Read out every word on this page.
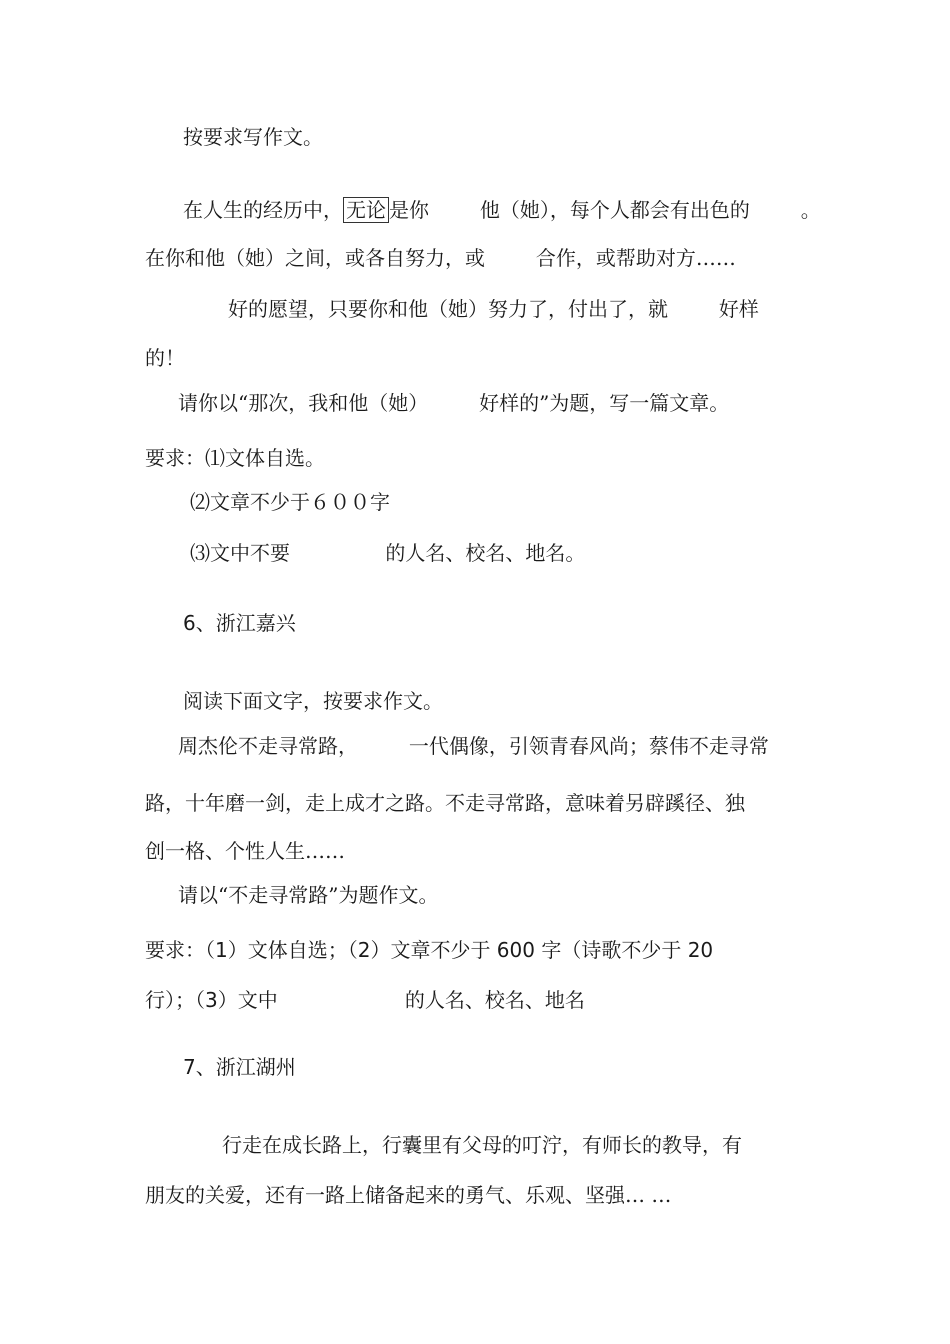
按要求写作文。
在人生的经历中， 无论 是你        他（她），每个人都会有出色的        。
在你和他（她）之间，或各自努力，或        合作，或帮助对方……
好的愿望，只要你和他（她）努力了，付出了，就        好样
的！
请你以“那次，我和他（她）        好样的”为题，写一篇文章。
要求：⑴文体自选。
⑵文章不少于６００字
⑶文中不要               的人名、校名、地名。
6、浙江嘉兴
阅读下面文字，按要求作文。
周杰伦不走寻常路，        一代偶像，引领青春风尚；蔡伟不走寻常
路，十年磨一剑，走上成才之路。不走寻常路，意味着另辟蹊径、独
创一格、个性人生……
请以“不走寻常路”为题作文。
要求：（1）文体自选；（2）文章不少于 600 字（诗歌不少于 20
行）；（3）文中                    的人名、校名、地名
7、浙江湖州
行走在成长路上，行囊里有父母的叮泞，有师长的教导，有
朋友的关爱，还有一路上储备起来的勇气、乐观、坚强… …
